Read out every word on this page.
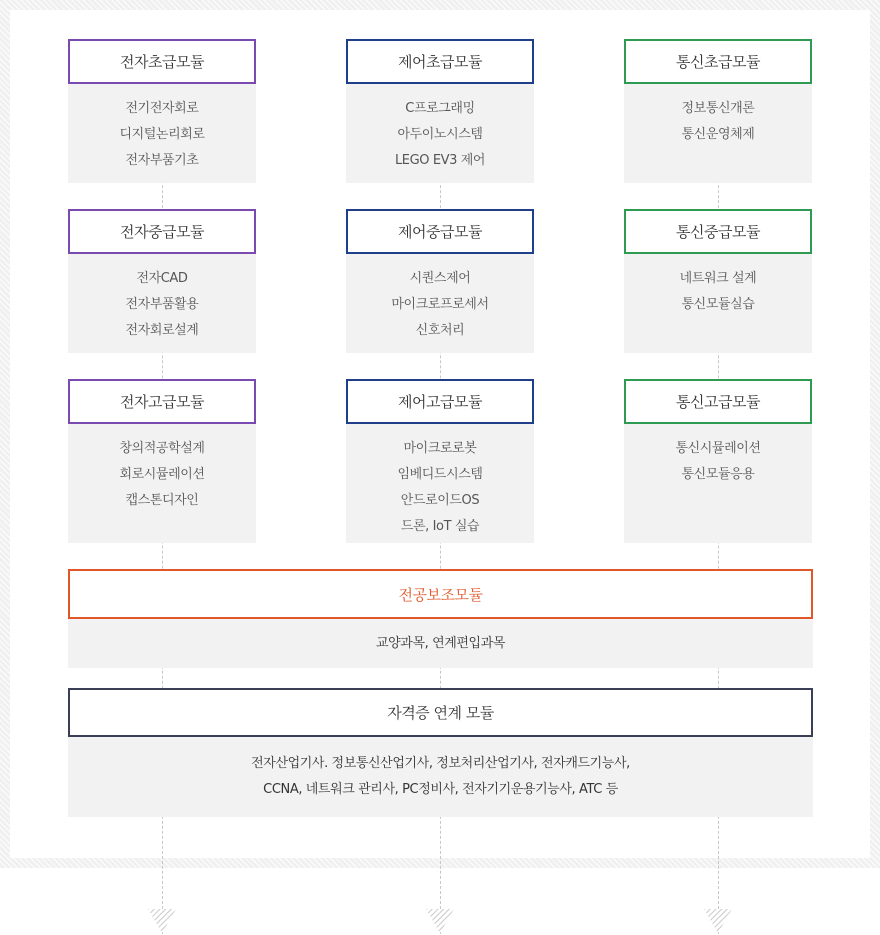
전자초급모듈
전기전자회로
디지털논리회로
전자부품기초
전자중급모듈
전자CAD
전자부품활용
전자회로설계
전자고급모듈
창의적공학설계
회로시뮬레이션
캡스톤디자인
제어초급모듈
C프로그래밍
아두이노시스템
LEGO EV3 제어
제어중급모듈
시퀀스제어
마이크로프로세서
신호처리
제어고급모듈
마이크로로봇
임베디드시스템
안드로이드OS
드론, IoT 실습
통신초급모듈
정보통신개론
통신운영체제
통신중급모듈
네트워크 설계
통신모듈실습
통신고급모듈
통신시뮬레이션
통신모듈응용
전공보조모듈
교양과목, 연계편입과목
자격증 연계 모듈
전자산업기사. 정보통신산업기사, 정보처리산업기사, 전자캐드기능사,
CCNA, 네트워크 관리사, PC정비사, 전자기기운용기능사, ATC 등
